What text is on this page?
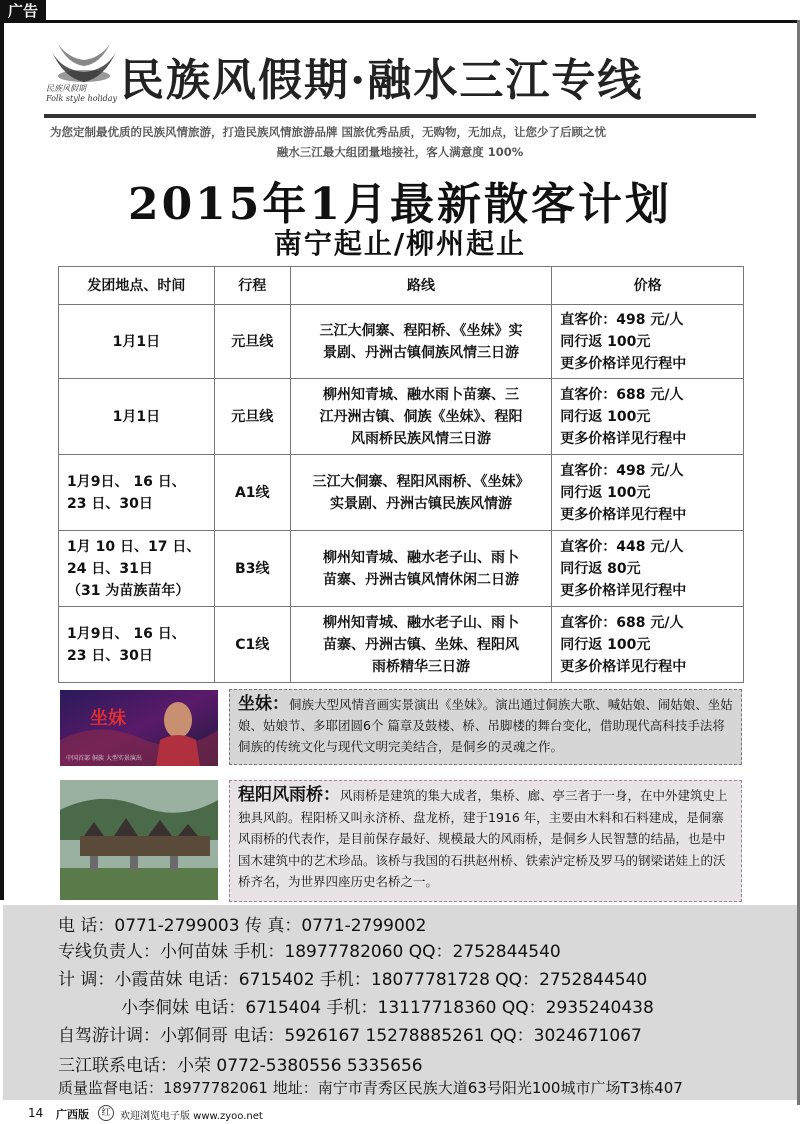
广告
民族风假期
Folk style holiday 民族风假期·融水三江专线
为您定制最优质的民族风情旅游，打造民族风情旅游品牌 国旅优秀品质，无购物，无加点，让您少了后顾之忧
融水三江最大组团量地接社，客人满意度 100%
2015年1月最新散客计划
南宁起止/柳州起止
发团地点、时间	行程	路线	价格

1月1日	元旦线	三江大侗寨、程阳桥、《坐妹》实
景剧、丹洲古镇侗族风情三日游	直客价：498 元/人
同行返 100元
更多价格详见行程中

1月1日	元旦线	柳州知青城、融水雨卜苗寨、三
江丹洲古镇、侗族《坐妹》、程阳
风雨桥民族风情三日游	直客价：688 元/人
同行返 100元
更多价格详见行程中

1月9日、 16 日、
23 日、30日	A1线	三江大侗寨、程阳风雨桥、《坐妹》
实景剧、丹洲古镇民族风情游	直客价：498 元/人
同行返 100元
更多价格详见行程中

1月 10 日、17 日、
24 日、31日
（31 为苗族苗年）	B3线	柳州知青城、融水老子山、雨卜
苗寨、丹洲古镇风情休闲二日游	直客价：448 元/人
同行返 80元
更多价格详见行程中

1月9日、 16 日、
23 日、30日	C1线	柳州知青城、融水老子山、雨卜
苗寨、丹洲古镇、坐妹、程阳风
雨桥精华三日游	直客价：688 元/人
同行返 100元
更多价格详见行程中
坐妹
中国首部 侗族 大型实景演出
坐妹：侗族大型风情音画实景演出《坐妹》。演出通过侗族大歌、喊姑娘、闹姑娘、坐姑娘、姑娘节、多耶团圆6个 篇章及鼓楼、桥、吊脚楼的舞台变化，借助现代高科技手法将侗族的传统文化与现代文明完美结合，是侗乡的灵魂之作。
程阳风雨桥：风雨桥是建筑的集大成者，集桥、廊、亭三者于一身，在中外建筑史上独具风韵。程阳桥又叫永济桥、盘龙桥，建于1916 年，主要由木料和石料建成，是侗寨风雨桥的代表作，是目前保存最好、规模最大的风雨桥，是侗乡人民智慧的结晶，也是中国木建筑中的艺术珍品。该桥与我国的石拱赵州桥、铁索泸定桥及罗马的钢梁诺娃上的沃桥齐名，为世界四座历史名桥之一。
电 话：0771-2799003 传 真：0771-2799002
专线负责人：小何苗妹 手机：18977782060 QQ：2752844540
计 调：小霞苗妹 电话：6715402 手机：18077781728 QQ：2752844540
小李侗妹 电话：6715404 手机：13117718360 QQ：2935240438
自驾游计调：小郭侗哥 电话：5926167 15278885261 QQ：3024671067
三江联系电话：小荣 0772-5380556 5335656
质量监督电话：18977782061 地址：南宁市青秀区民族大道63号阳光100城市广场T3栋407
14 广西版	红 欢迎浏览电子版 www.zyoo.net
